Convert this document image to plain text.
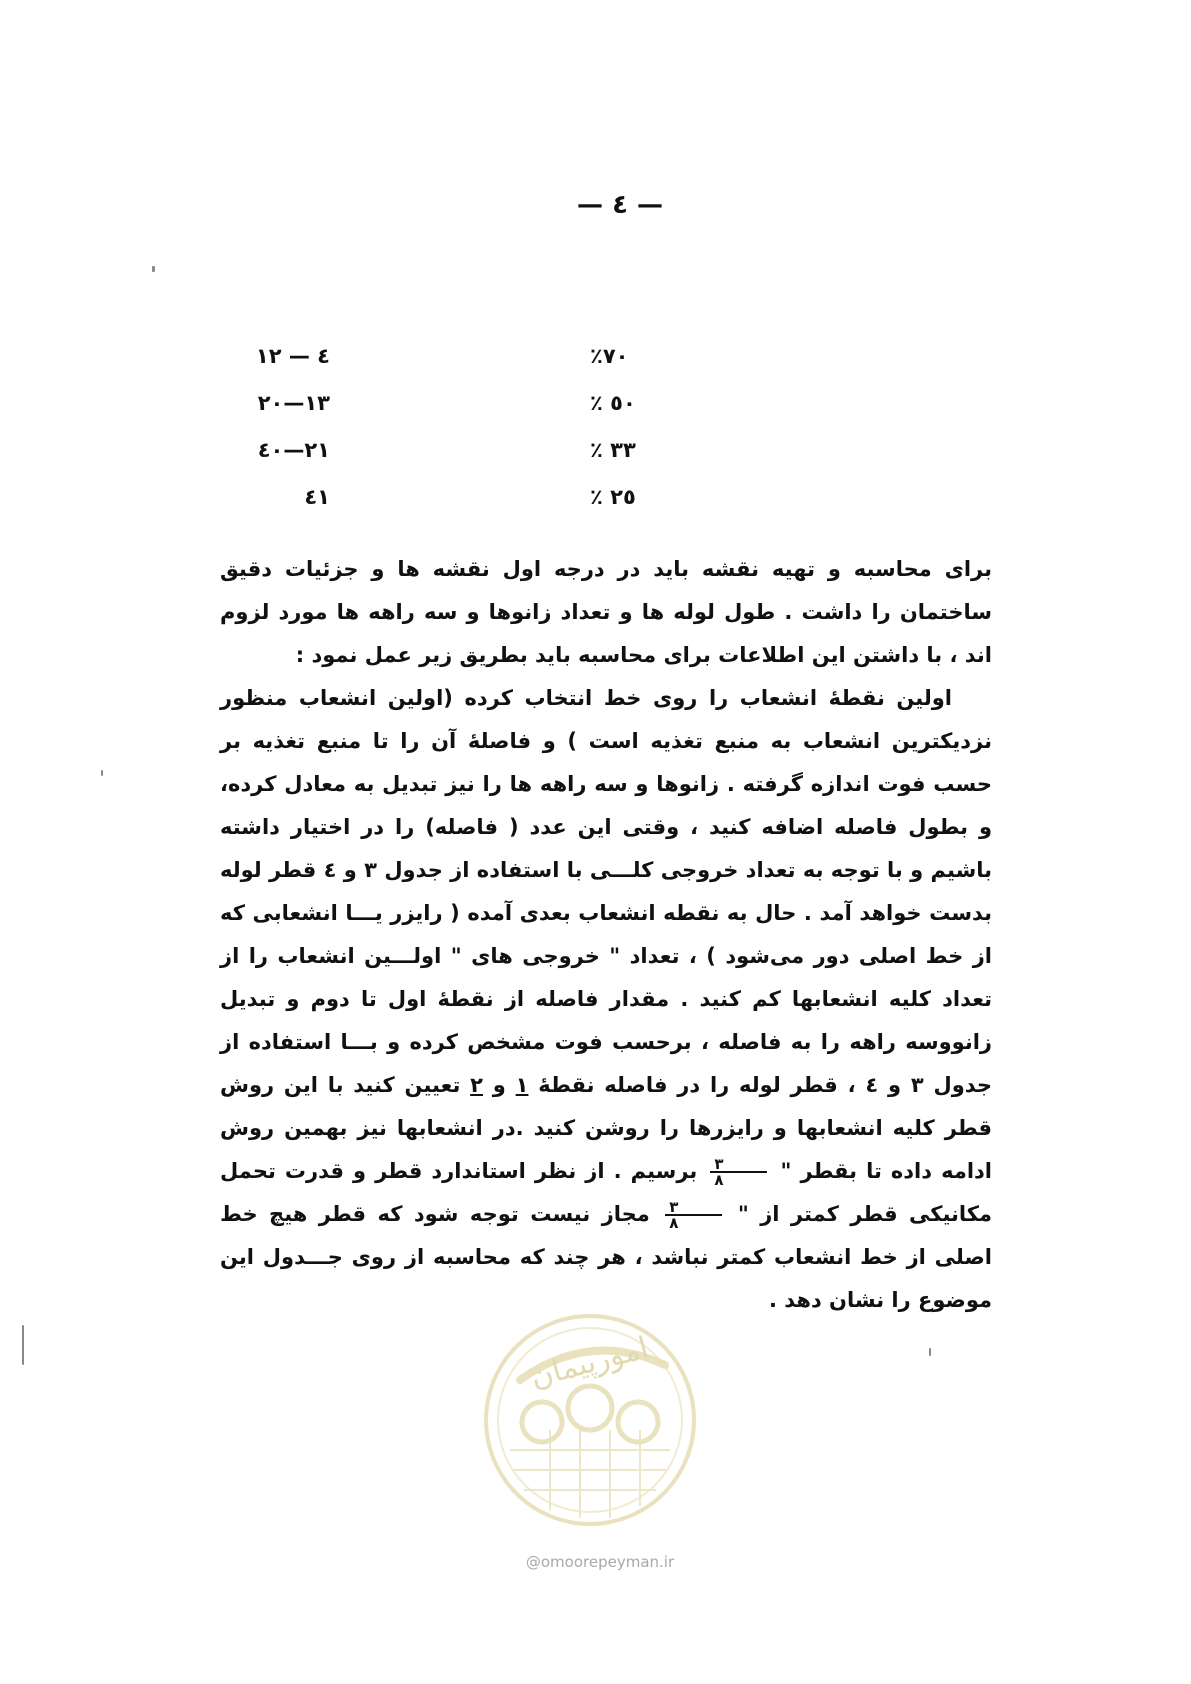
— ٤ —
٤ — ١٢	٪٧٠
١٣—٢٠	٪ ٥٠
٢١—٤٠	٪ ٣٣
٤١	٪ ٢٥

برای محاسبه و تهیه نقشه باید در درجه اول نقشه ها و جزئیات دقیق ساختمان را داشت . طول لوله ها و تعداد زانوها و سه راهه ها مورد لزوم اند ، با داشتن این اطلاعات برای محاسبه باید بطریق زیر عمل نمود :

اولین نقطه‌ٔ انشعاب را روی خط انتخاب کرده (اولین انشعاب منظور نزدیکترین انشعاب به منبع تغذیه است ) و فاصله‌ٔ آن را تا منبع تغذیه بر حسب فوت اندازه گرفته . زانوها و سه راهه ها را نیز تبدیل به معادل کرده، و بطول فاصله اضافه کنید ، وقتی این عدد ( فاصله) را در اختیار داشته باشیم و با توجه به تعداد خروجی کلـــی با استفاده از جدول ٣ و ٤ قطر لوله بدست خواهد آمد . حال به نقطه انشعاب بعدی آمده ( رایزر یـــا انشعابی که از خط اصلی دور می‌شود ) ، تعداد " خروجی های " اولـــین انشعاب را از تعداد کلیه انشعابها کم کنید . مقدار فاصله از نقطه‌ٔ اول تا دوم و تبدیل زانووسه راهه را به فاصله ، برحسب فوت مشخص کرده و بـــا استفاده از جدول ٣ و ٤ ، قطر لوله را در فاصله نقطه‌ٔ ١ و ٢ تعیین کنید با این روش قطر کلیه انشعابها و رایزرها را روشن کنید .در انشعابها نیز بهمین روش ادامه داده تا بقطر "
$\frac{٣}{٨}$
برسیم . از نظر استاندارد قطر و قدرت تحمل مکانیکی قطر کمتر از "
$\frac{٣}{٨}$
مجاز نیست توجه شود که قطر هیچ خط اصلی از خط انشعاب کمتر نباشد ، هر چند که محاسبه از روی جـــدول این موضوع را نشان دهد .

امورپیمان
@omoorepeyman.ir
